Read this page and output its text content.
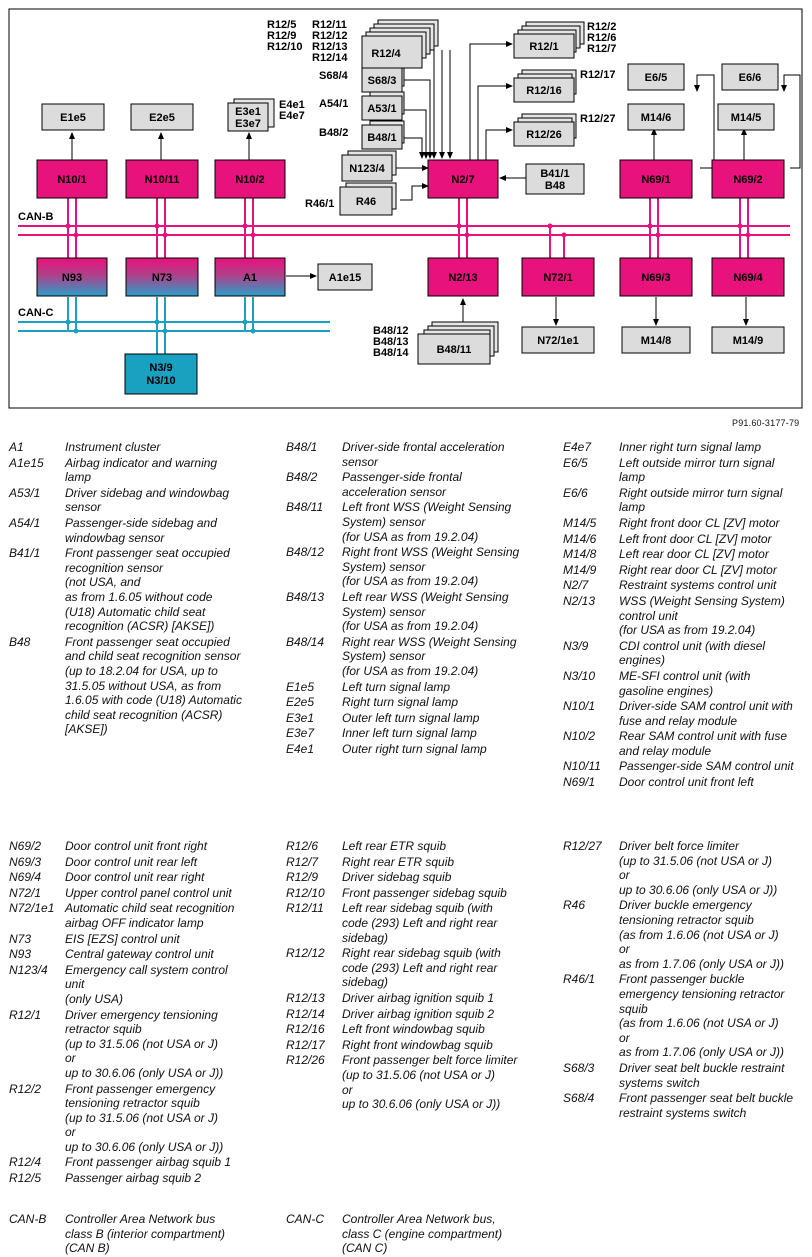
CAN-B
CAN-C
E1e5	E2e5	E3e1
E3e7
N10/1	N10/11	N10/2
R12/4
S68/3
A53/1
B48/1
N123/4
R46
N2/7	B41/1
B48
R12/1
R12/16
R12/26
E6/5	E6/6
M14/6	M14/5
N69/1	N69/2
N93	N73	A1	A1e15	N2/13	N72/1	N69/3	N69/4
B48/11
N72/1e1	M14/8	M14/9
N3/9
N3/10
R12/5
R12/9
R12/10
R12/11
R12/12
R12/13
R12/14
S68/4
A54/1
B48/2
E4e1
E4e7
R12/2
R12/6
R12/7
R12/17
R12/27
R46/1
B48/12
B48/13
B48/14
P91.60-3177-79
A1	Instrument cluster
A1e15	Airbag indicator and warning
lamp
A53/1	Driver sidebag and windowbag
sensor
A54/1	Passenger-side sidebag and
windowbag sensor
B41/1	Front passenger seat occupied
recognition sensor
(not USA, and
as from 1.6.05 without code
(U18) Automatic child seat
recognition (ACSR) [AKSE])
B48	Front passenger seat occupied
and child seat recognition sensor
(up to 18.2.04 for USA, up to
31.5.05 without USA, as from
1.6.05 with code (U18) Automatic
child seat recognition (ACSR)
[AKSE])
B48/1	Driver-side frontal acceleration
sensor
B48/2	Passenger-side frontal
acceleration sensor
B48/11	Left front WSS (Weight Sensing
System) sensor
(for USA as from 19.2.04)
B48/12	Right front WSS (Weight Sensing
System) sensor
(for USA as from 19.2.04)
B48/13	Left rear WSS (Weight Sensing
System) sensor
(for USA as from 19.2.04)
B48/14	Right rear WSS (Weight Sensing
System) sensor
(for USA as from 19.2.04)
E1e5	Left turn signal lamp
E2e5	Right turn signal lamp
E3e1	Outer left turn signal lamp
E3e7	Inner left turn signal lamp
E4e1	Outer right turn signal lamp
E4e7	Inner right turn signal lamp
E6/5	Left outside mirror turn signal
lamp
E6/6	Right outside mirror turn signal
lamp
M14/5	Right front door CL [ZV] motor
M14/6	Left front door CL [ZV] motor
M14/8	Left rear door CL [ZV] motor
M14/9	Right rear door CL [ZV] motor
N2/7	Restraint systems control unit
N2/13	WSS (Weight Sensing System)
control unit
(for USA as from 19.2.04)
N3/9	CDI control unit (with diesel
engines)
N3/10	ME-SFI control unit (with
gasoline engines)
N10/1	Driver-side SAM control unit with
fuse and relay module
N10/2	Rear SAM control unit with fuse
and relay module
N10/11	Passenger-side SAM control unit
N69/1	Door control unit front left
N69/2	Door control unit front right
N69/3	Door control unit rear left
N69/4	Door control unit rear right
N72/1	Upper control panel control unit
N72/1e1 Automatic child seat recognition
airbag OFF indicator lamp
N73	EIS [EZS] control unit
N93	Central gateway control unit
N123/4	Emergency call system control
unit
(only USA)
R12/1	Driver emergency tensioning
retractor squib
(up to 31.5.06 (not USA or J)
or
up to 30.6.06 (only USA or J))
R12/2	Front passenger emergency
tensioning retractor squib
(up to 31.5.06 (not USA or J)
or
up to 30.6.06 (only USA or J))
R12/4	Front passenger airbag squib 1
R12/5	Passenger airbag squib 2
R12/6	Left rear ETR squib
R12/7	Right rear ETR squib
R12/9	Driver sidebag squib
R12/10	Front passenger sidebag squib
R12/11	Left rear sidebag squib (with
code (293) Left and right rear
sidebag)
R12/12	Right rear sidebag squib (with
code (293) Left and right rear
sidebag)
R12/13	Driver airbag ignition squib 1
R12/14	Driver airbag ignition squib 2
R12/16	Left front windowbag squib
R12/17	Right front windowbag squib
R12/26	Front passenger belt force limiter
(up to 31.5.06 (not USA or J)
or
up to 30.6.06 (only USA or J))
R12/27	Driver belt force limiter
(up to 31.5.06 (not USA or J)
or
up to 30.6.06 (only USA or J))
R46	Driver buckle emergency
tensioning retractor squib
(as from 1.6.06 (not USA or J)
or
as from 1.7.06 (only USA or J))
R46/1	Front passenger buckle
emergency tensioning retractor
squib
(as from 1.6.06 (not USA or J)
or
as from 1.7.06 (only USA or J))
S68/3	Driver seat belt buckle restraint
systems switch
S68/4	Front passenger seat belt buckle
restraint systems switch
CAN-B	Controller Area Network bus
class B (interior compartment)
(CAN B)
CAN-C	Controller Area Network bus,
class C (engine compartment)
(CAN C)
